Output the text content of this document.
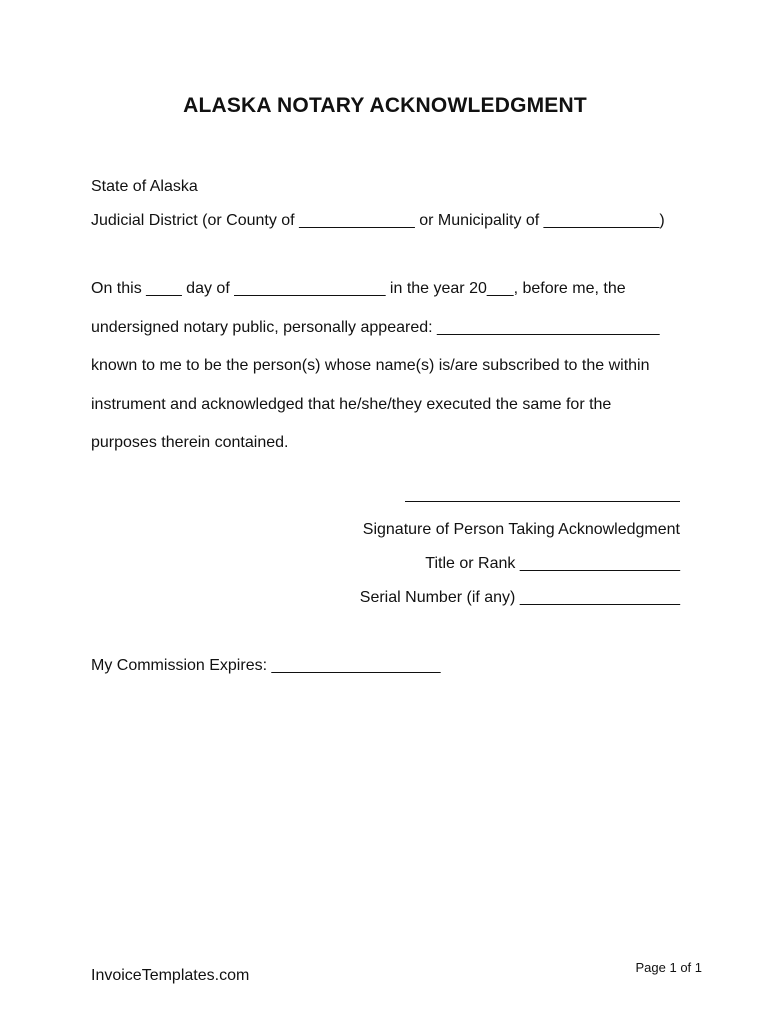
ALASKA NOTARY ACKNOWLEDGMENT
State of Alaska
Judicial District (or County of _____________ or Municipality of _____________)
On this ____ day of _________________ in the year 20___, before me, the
undersigned notary public, personally appeared: _________________________
known to me to be the person(s) whose name(s) is/are subscribed to the within
instrument and acknowledged that he/she/they executed the same for the
purposes therein contained.
Signature of Person Taking Acknowledgment
Title or Rank __________________
Serial Number (if any) __________________
My Commission Expires: ___________________
InvoiceTemplates.com	Page 1 of 1
